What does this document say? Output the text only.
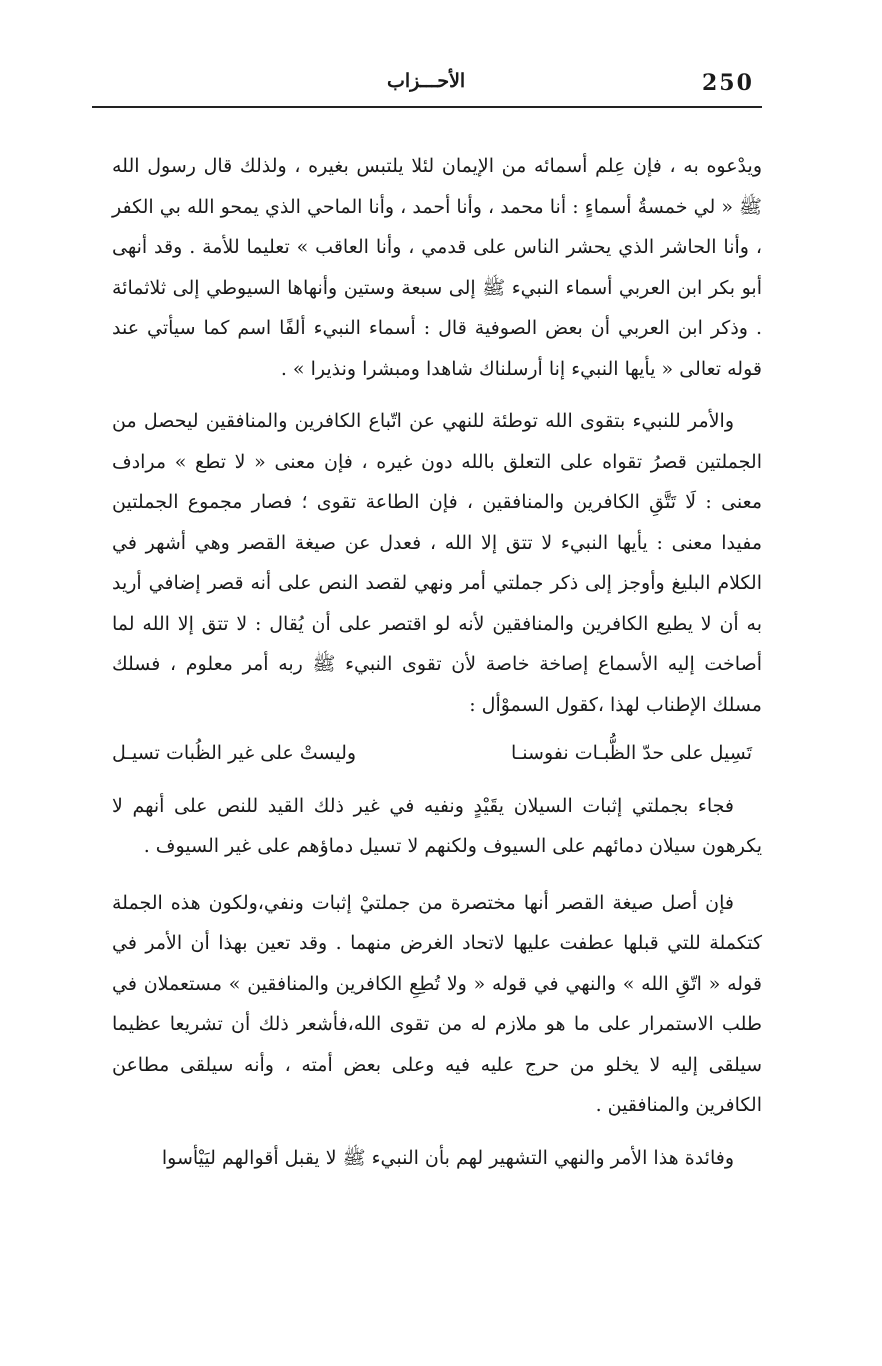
الأحـــزاب	250

ويدْعوه به ، فإن عِلم أسمائه من الإيمان لئلا يلتبس بغيره ، ولذلك قال رسول الله ﷺ « لي خمسةُ أسماءٍ : أنا محمد ، وأنا أحمد ، وأنا الماحي الذي يمحو الله بي الكفر ، وأنا الحاشر الذي يحشر الناس على قدمي ، وأنا العاقب » تعليما للأمة . وقد أنهى أبو بكر ابن العربي أسماء النبيء ﷺ إلى سبعة وستين وأنهاها السيوطي إلى ثلاثمائة . وذكر ابن العربي أن بعض الصوفية قال : أسماء النبيء ألفًا اسم كما سيأتي عند قوله تعالى « يأيها النبيء إنا أرسلناك شاهدا ومبشرا ونذيرا » .

والأمر للنبيء بتقوى الله توطئة للنهي عن اتّباع الكافرين والمنافقين ليحصل من الجملتين قصرُ تقواه على التعلق بالله دون غيره ، فإن معنى « لا تطع » مرادف معنى : لَا تَتَّقِ الكافرين والمنافقين ، فإن الطاعة تقوى ؛ فصار مجموع الجملتين مفيدا معنى : يأيها النبيء لا تتق إلا الله ، فعدل عن صيغة القصر وهي أشهر في الكلام البليغ وأوجز إلى ذكر جملتي أمر ونهي لقصد النص على أنه قصر إضافي أريد به أن لا يطيع الكافرين والمنافقين لأنه لو اقتصر على أن يُقال : لا تتق إلا الله لما أصاخت إليه الأسماع إصاخة خاصة لأن تقوى النبيء ﷺ ربه أمر معلوم ، فسلك مسلك الإطناب لهذا ،كقول السموْأل :

تَسِيل على حدّ الظُّبـات نفوسنـا
وليستْ على غير الظُبات تسيـل

فجاء بجملتي إثبات السيلان يقَيْدٍ ونفيه في غير ذلك القيد للنص على أنهم لا يكرهون سيلان دمائهم على السيوف ولكنهم لا تسيل دماؤهم على غير السيوف .

فإن أصل صيغة القصر أنها مختصرة من جملتيْ إثبات ونفي،ولكون هذه الجملة كتكملة للتي قبلها عطفت عليها لاتحاد الغرض منهما . وقد تعين بهذا أن الأمر في قوله « اتّقِ الله » والنهي في قوله « ولا تُطِعِ الكافرين والمنافقين » مستعملان في طلب الاستمرار على ما هو ملازم له من تقوى الله،فأشعر ذلك أن تشريعا عظيما سيلقى إليه لا يخلو من حرج عليه فيه وعلى بعض أمته ، وأنه سيلقى مطاعن الكافرين والمنافقين .

وفائدة هذا الأمر والنهي التشهير لهم بأن النبيء ﷺ لا يقبل أقوالهم ليَيْأسوا
